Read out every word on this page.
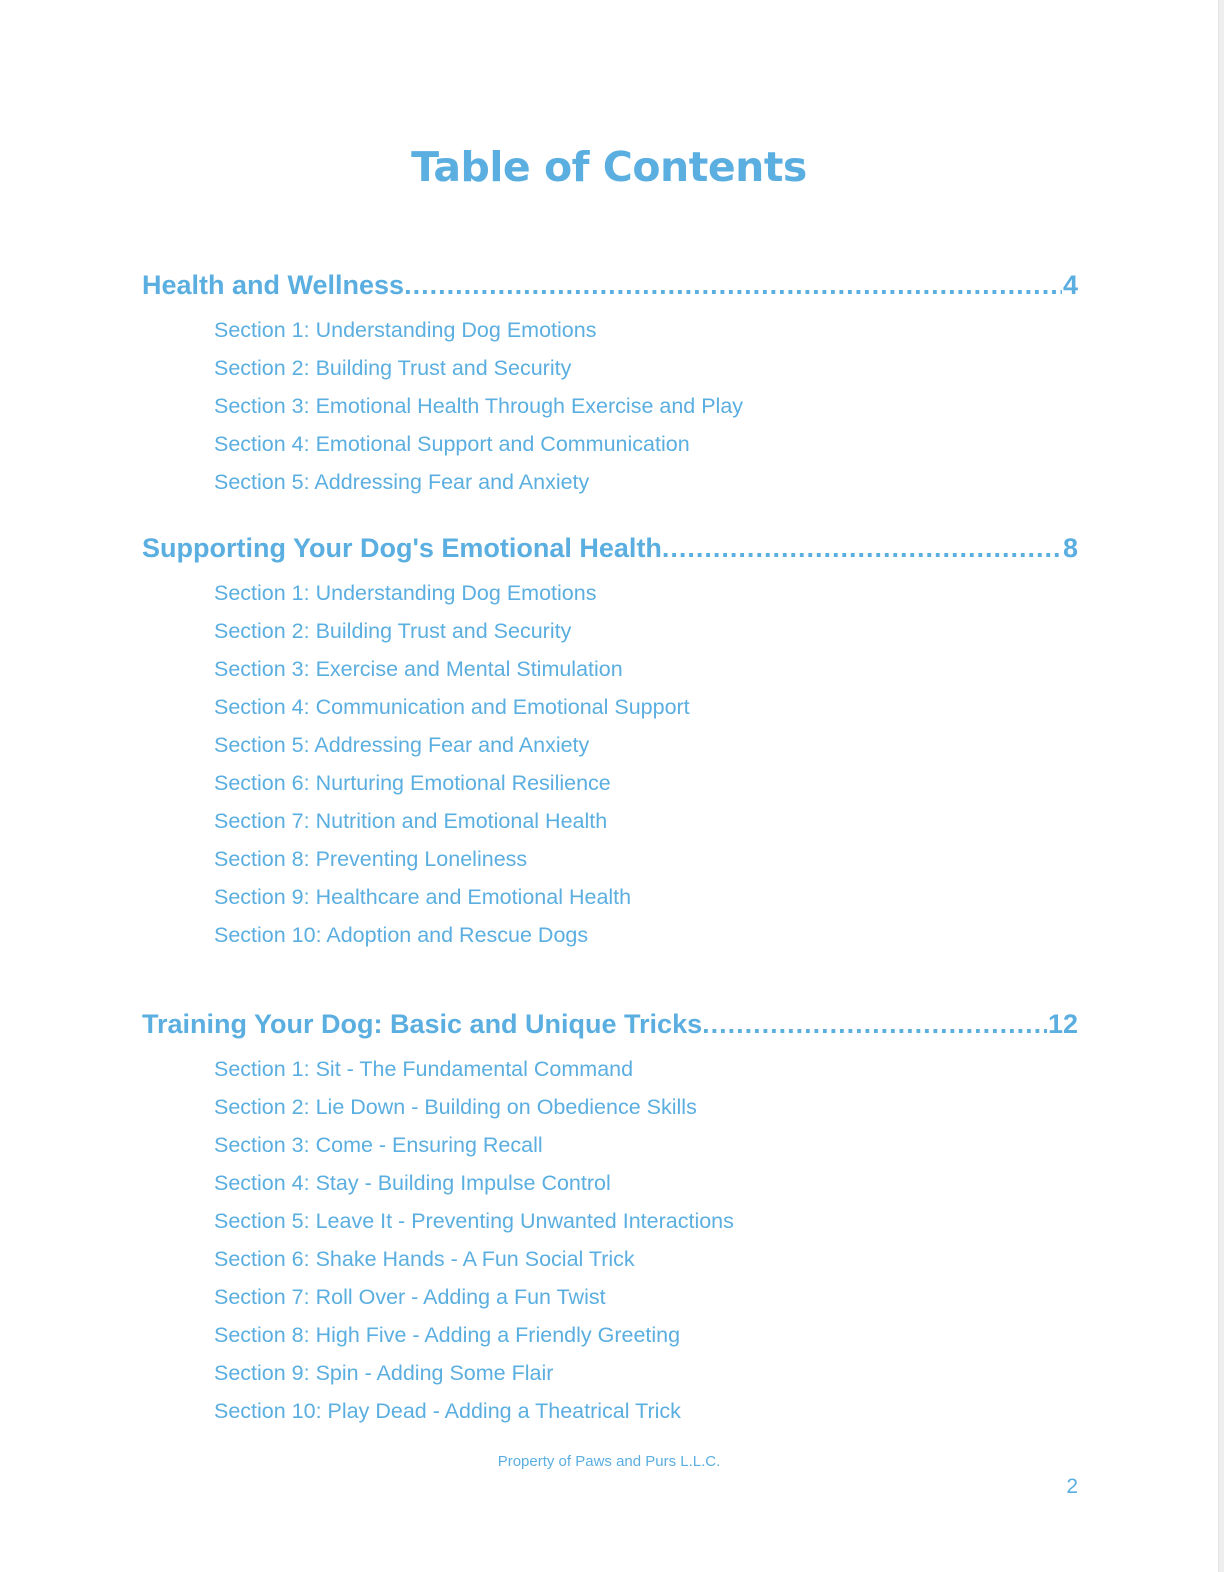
Table of Contents
Health and Wellness .....	4
Section 1: Understanding Dog Emotions
Section 2: Building Trust and Security
Section 3: Emotional Health Through Exercise and Play
Section 4: Emotional Support and Communication
Section 5: Addressing Fear and Anxiety
Supporting Your Dog's Emotional Health .....	8
Section 1: Understanding Dog Emotions
Section 2: Building Trust and Security
Section 3: Exercise and Mental Stimulation
Section 4: Communication and Emotional Support
Section 5: Addressing Fear and Anxiety
Section 6: Nurturing Emotional Resilience
Section 7: Nutrition and Emotional Health
Section 8: Preventing Loneliness
Section 9: Healthcare and Emotional Health
Section 10: Adoption and Rescue Dogs
Training Your Dog: Basic and Unique Tricks .....	12
Section 1: Sit - The Fundamental Command
Section 2: Lie Down - Building on Obedience Skills
Section 3: Come - Ensuring Recall
Section 4: Stay - Building Impulse Control
Section 5: Leave It - Preventing Unwanted Interactions
Section 6: Shake Hands - A Fun Social Trick
Section 7: Roll Over - Adding a Fun Twist
Section 8: High Five - Adding a Friendly Greeting
Section 9: Spin - Adding Some Flair
Section 10: Play Dead - Adding a Theatrical Trick
Property of Paws and Purs L.L.C.
2
